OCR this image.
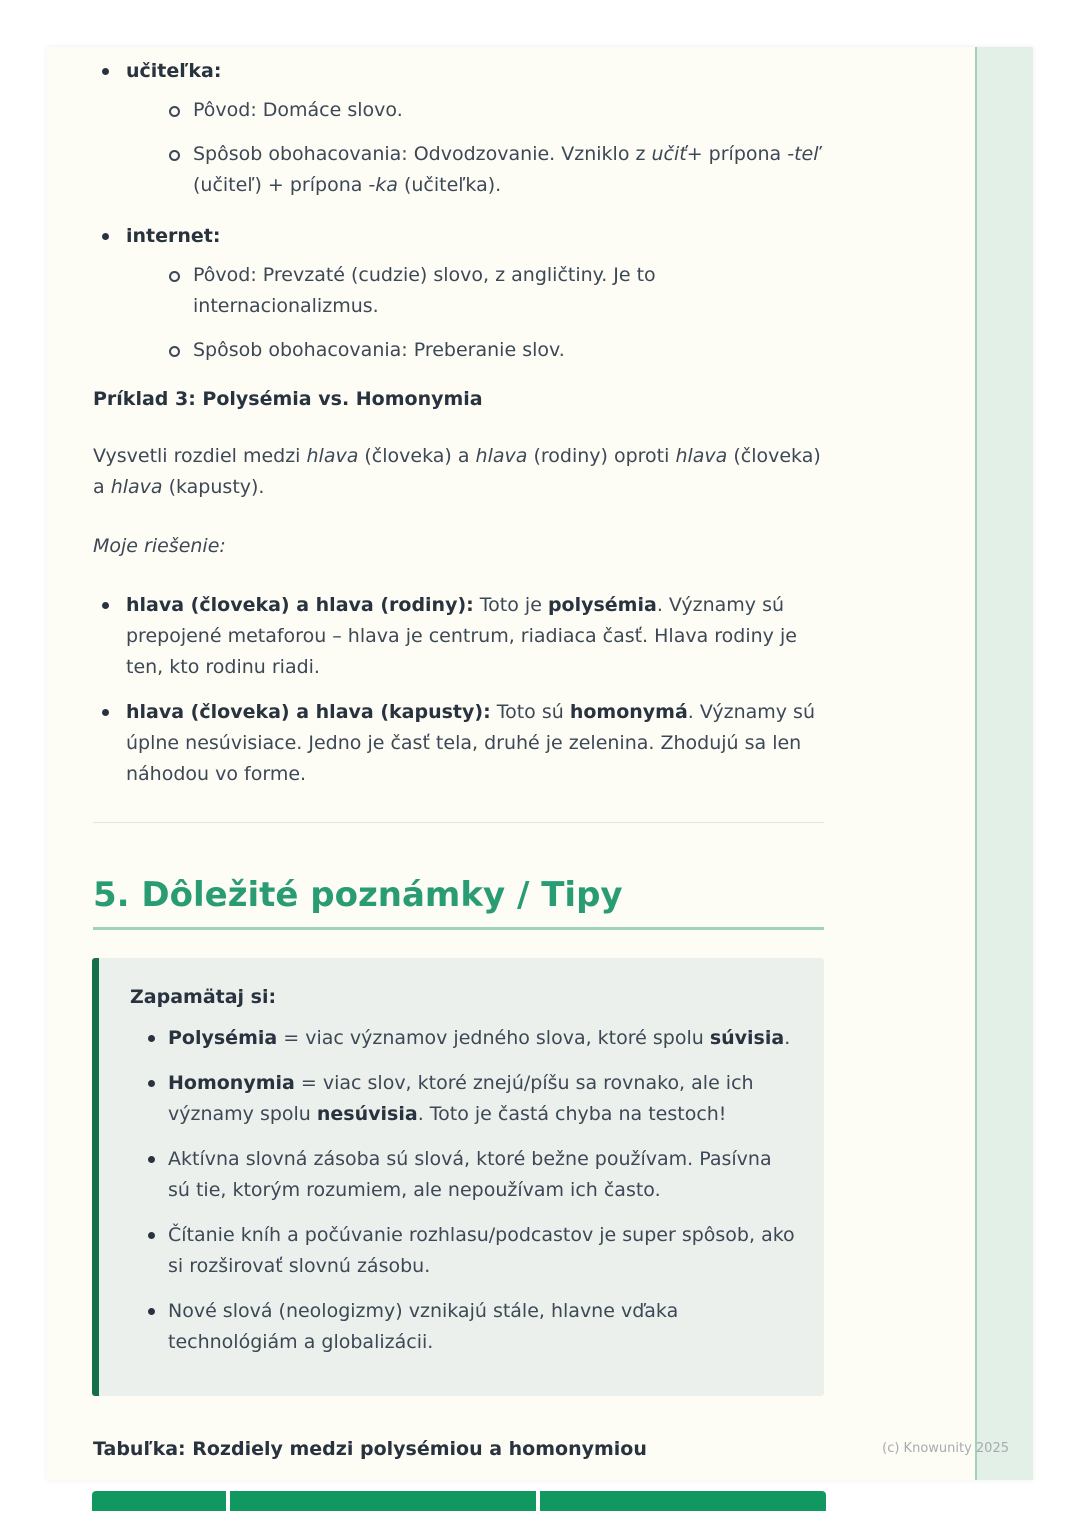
učiteľka:
Pôvod: Domáce slovo.
Spôsob obohacovania: Odvodzovanie. Vzniklo z učiť+ prípona -teľ (učiteľ) + prípona -ka (učiteľka).
internet:
Pôvod: Prevzaté (cudzie) slovo, z angličtiny. Je to internacionalizmus.
Spôsob obohacovania: Preberanie slov.

Príklad 3: Polysémia vs. Homonymia

Vysvetli rozdiel medzi hlava (človeka) a hlava (rodiny) oproti hlava (človeka) a hlava (kapusty).

Moje riešenie:

hlava (človeka) a hlava (rodiny): Toto je polysémia. Významy sú prepojené metaforou – hlava je centrum, riadiaca časť. Hlava rodiny je ten, kto rodinu riadi.
hlava (človeka) a hlava (kapusty): Toto sú homonymá. Významy sú úplne nesúvisiace. Jedno je časť tela, druhé je zelenina. Zhodujú sa len náhodou vo forme.
5. Dôležité poznámky / Tipy
Zapamätaj si:
Polysémia = viac významov jedného slova, ktoré spolu súvisia.
Homonymia = viac slov, ktoré znejú/píšu sa rovnako, ale ich významy spolu nesúvisia. Toto je častá chyba na testoch!
Aktívna slovná zásoba sú slová, ktoré bežne používam. Pasívna sú tie, ktorým rozumiem, ale nepoužívam ich často.
Čítanie kníh a počúvanie rozhlasu/podcastov je super spôsob, ako si rozširovať slovnú zásobu.
Nové slová (neologizmy) vznikajú stále, hlavne vďaka technológiám a globalizácii.

Tabuľka: Rozdiely medzi polysémiou a homonymiou	(c) Knowunity 2025
